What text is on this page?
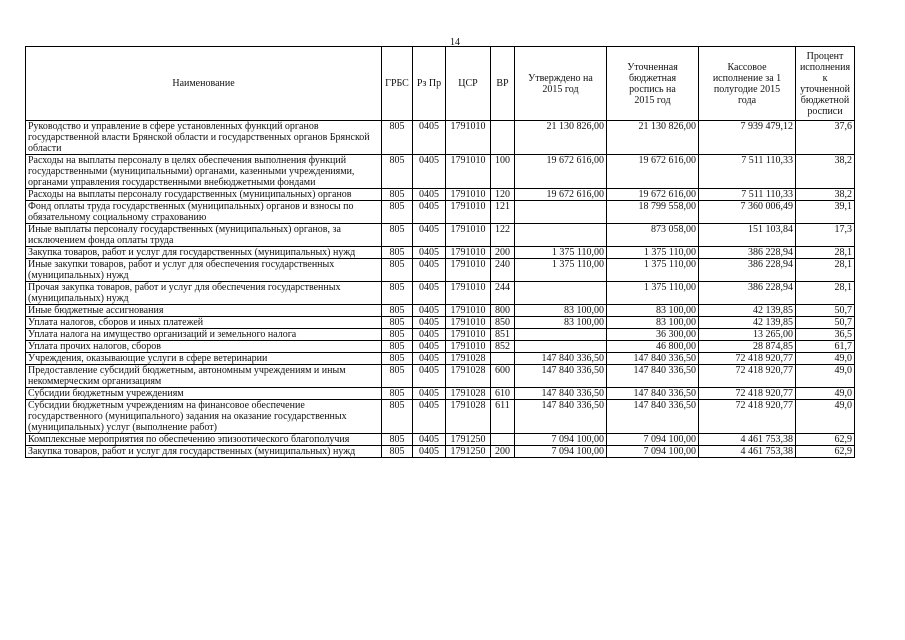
14
Наименование	ГРБС	Рз Пр	ЦСР	ВР	Утверждено на 2015 год	Уточненная бюджетная роспись на 2015 год	Кассовое исполнение за 1 полугодие 2015 года	Процент исполнения к уточненной бюджетной росписи
Руководство и управление в сфере установленных функций органов государственной власти Брянской области и государственных органов Брянской области	805	0405	1791010		21 130 826,00	21 130 826,00	7 939 479,12	37,6
Расходы на выплаты персоналу в целях обеспечения выполнения функций государственными (муниципальными) органами, казенными учреждениями, органами управления государственными внебюджетными фондами	805	0405	1791010	100	19 672 616,00	19 672 616,00	7 511 110,33	38,2
Расходы на выплаты персоналу государственных (муниципальных) органов	805	0405	1791010	120	19 672 616,00	19 672 616,00	7 511 110,33	38,2
Фонд оплаты труда государственных (муниципальных) органов и взносы по обязательному социальному страхованию	805	0405	1791010	121		18 799 558,00	7 360 006,49	39,1
Иные выплаты персоналу государственных (муниципальных) органов, за исключением фонда оплаты труда	805	0405	1791010	122		873 058,00	151 103,84	17,3
Закупка товаров, работ и услуг для государственных (муниципальных) нужд	805	0405	1791010	200	1 375 110,00	1 375 110,00	386 228,94	28,1
Иные закупки товаров, работ и услуг для обеспечения государственных (муниципальных) нужд	805	0405	1791010	240	1 375 110,00	1 375 110,00	386 228,94	28,1
Прочая закупка товаров, работ и услуг для обеспечения государственных (муниципальных) нужд	805	0405	1791010	244		1 375 110,00	386 228,94	28,1
Иные бюджетные ассигнования	805	0405	1791010	800	83 100,00	83 100,00	42 139,85	50,7
Уплата налогов, сборов и иных платежей	805	0405	1791010	850	83 100,00	83 100,00	42 139,85	50,7
Уплата налога на имущество организаций и земельного налога	805	0405	1791010	851		36 300,00	13 265,00	36,5
Уплата прочих налогов, сборов	805	0405	1791010	852		46 800,00	28 874,85	61,7
Учреждения, оказывающие услуги в сфере ветеринарии	805	0405	1791028		147 840 336,50	147 840 336,50	72 418 920,77	49,0
Предоставление субсидий бюджетным, автономным учреждениям и иным некоммерческим организациям	805	0405	1791028	600	147 840 336,50	147 840 336,50	72 418 920,77	49,0
Субсидии бюджетным учреждениям	805	0405	1791028	610	147 840 336,50	147 840 336,50	72 418 920,77	49,0
Субсидии бюджетным учреждениям на финансовое обеспечение государственного (муниципального) задания на оказание государственных (муниципальных) услуг (выполнение работ)	805	0405	1791028	611	147 840 336,50	147 840 336,50	72 418 920,77	49,0
Комплексные мероприятия по обеспечению эпизоотического благополучия	805	0405	1791250		7 094 100,00	7 094 100,00	4 461 753,38	62,9
Закупка товаров, работ и услуг для государственных (муниципальных) нужд	805	0405	1791250	200	7 094 100,00	7 094 100,00	4 461 753,38	62,9
